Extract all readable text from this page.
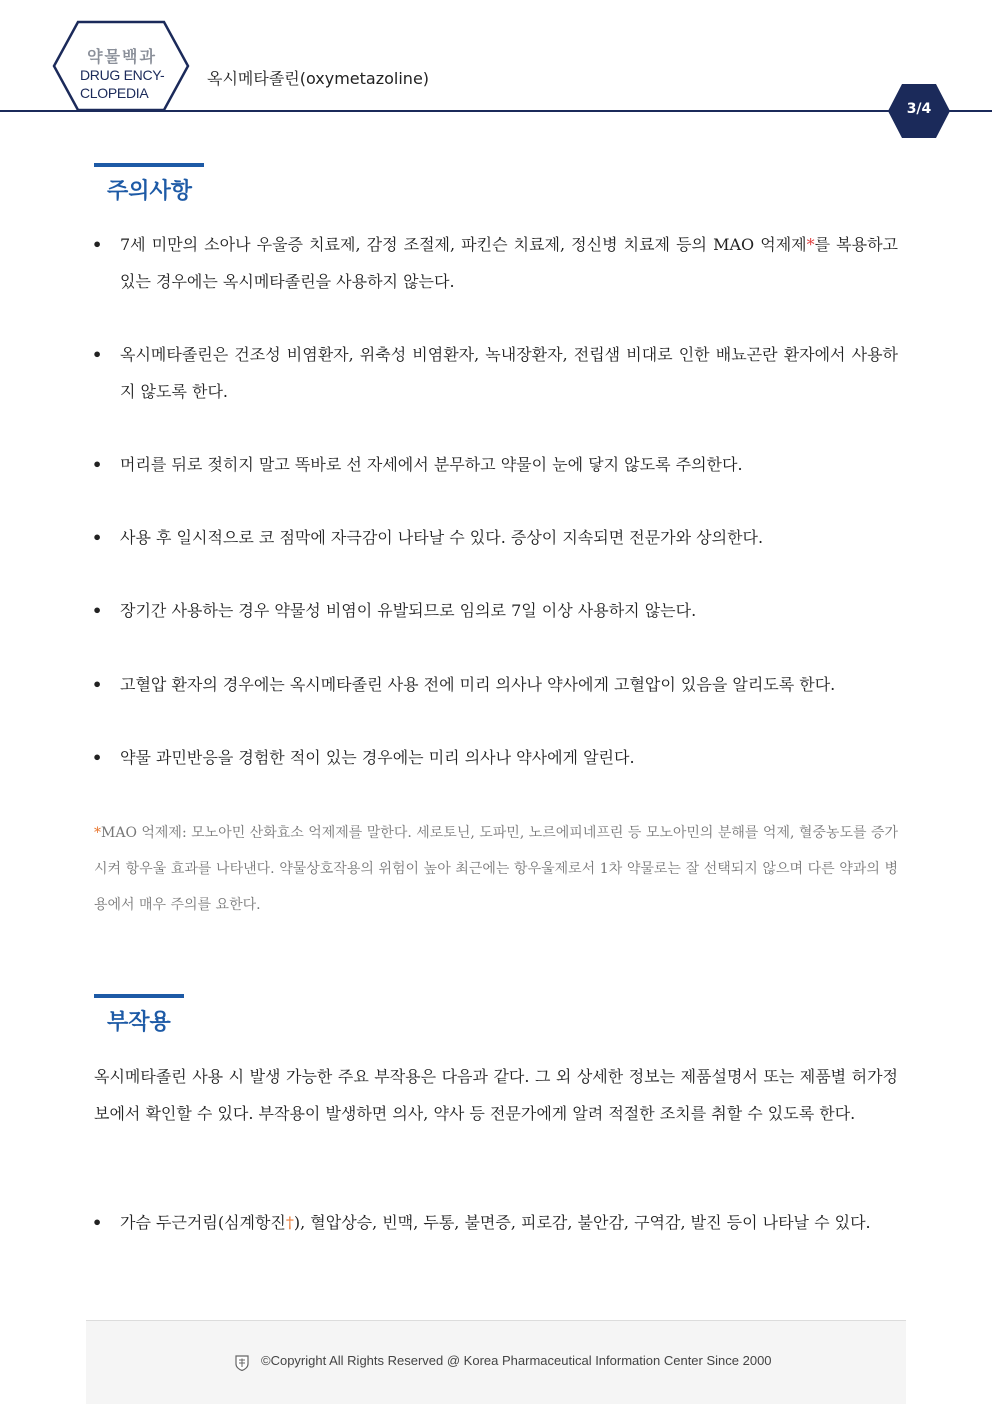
약물백과
DRUG ENCY-
CLOPEDIA
옥시메타졸린(oxymetazoline)
3/4
주의사항
• 7세 미만의 소아나 우울증 치료제, 감정 조절제, 파킨슨 치료제, 정신병 치료제 등의 MAO 억제제*를 복용하고 있는 경우에는 옥시메타졸린을 사용하지 않는다.
• 옥시메타졸린은 건조성 비염환자, 위축성 비염환자, 녹내장환자, 전립샘 비대로 인한 배뇨곤란 환자에서 사용하지 않도록 한다.
• 머리를 뒤로 젖히지 말고 똑바로 선 자세에서 분무하고 약물이 눈에 닿지 않도록 주의한다.
• 사용 후 일시적으로 코 점막에 자극감이 나타날 수 있다. 증상이 지속되면 전문가와 상의한다.
• 장기간 사용하는 경우 약물성 비염이 유발되므로 임의로 7일 이상 사용하지 않는다.
• 고혈압 환자의 경우에는 옥시메타졸린 사용 전에 미리 의사나 약사에게 고혈압이 있음을 알리도록 한다.
• 약물 과민반응을 경험한 적이 있는 경우에는 미리 의사나 약사에게 알린다.
*MAO 억제제: 모노아민 산화효소 억제제를 말한다. 세로토닌, 도파민, 노르에피네프린 등 모노아민의 분해를 억제, 혈중농도를 증가시켜 항우울 효과를 나타낸다. 약물상호작용의 위험이 높아 최근에는 항우울제로서 1차 약물로는 잘 선택되지 않으며 다른 약과의 병용에서 매우 주의를 요한다.
부작용
옥시메타졸린 사용 시 발생 가능한 주요 부작용은 다음과 같다. 그 외 상세한 정보는 제품설명서 또는 제품별 허가정보에서 확인할 수 있다. 부작용이 발생하면 의사, 약사 등 전문가에게 알려 적절한 조치를 취할 수 있도록 한다.
• 가슴 두근거림(심계항진†), 혈압상승, 빈맥, 두통, 불면증, 피로감, 불안감, 구역감, 발진 등이 나타날 수 있다.
©Copyright All Rights Reserved @ Korea Pharmaceutical Information Center Since 2000
